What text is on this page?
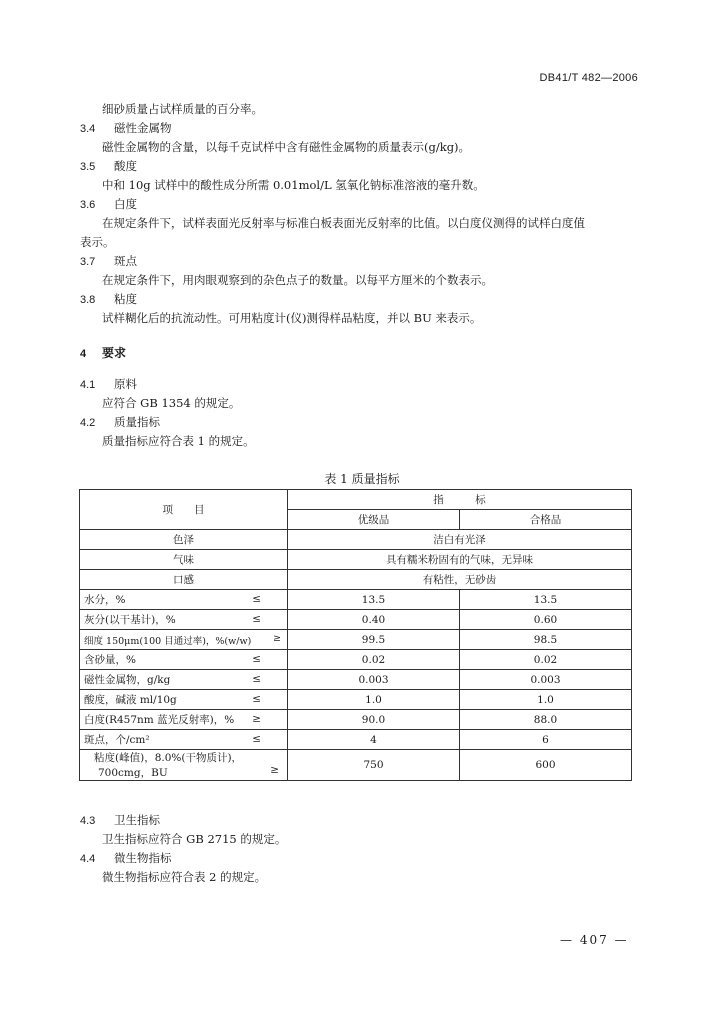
DB41/T 482—2006
细砂质量占试样质量的百分率。
3.4 磁性金属物
磁性金属物的含量，以每千克试样中含有磁性金属物的质量表示(g/kg)。
3.5 酸度
中和 10g 试样中的酸性成分所需 0.01mol/L 氢氧化钠标准溶液的毫升数。
3.6 白度
在规定条件下，试样表面光反射率与标准白板表面光反射率的比值。以白度仪测得的试样白度值
表示。
3.7 斑点
在规定条件下，用肉眼观察到的杂色点子的数量。以每平方厘米的个数表示。
3.8 粘度
试样糊化后的抗流动性。可用粘度计(仪)测得样品粘度，并以 BU 来表示。
4 要求
4.1 原料
应符合 GB 1354 的规定。
4.2 质量指标
质量指标应符合表 1 的规定。
表 1 质量指标
项　　目	指　　　标	
	优级品	合格品
色泽	洁白有光泽	
气味	具有糯米粉固有的气味，无异味	
口感	有粘性，无砂齿	
水分，% ≤	13.5	13.5
灰分(以干基计)，% ≤	0.40	0.60
细度 150μm(100 目通过率)，%(w/w) ≥	99.5	98.5
含砂量，% ≤	0.02	0.02
磁性金属物，g/kg ≤	0.003	0.003
酸度，碱液 ml/10g ≤	1.0	1.0
白度(R457nm 蓝光反射率)，% ≥	90.0	88.0
斑点，个/cm² ≤	4	6

粘度(峰值)，8.0%(干物质计)，
700cmg，BU ≥	750	600
4.3 卫生指标
卫生指标应符合 GB 2715 的规定。
4.4 微生物指标
微生物指标应符合表 2 的规定。
— 407 —
